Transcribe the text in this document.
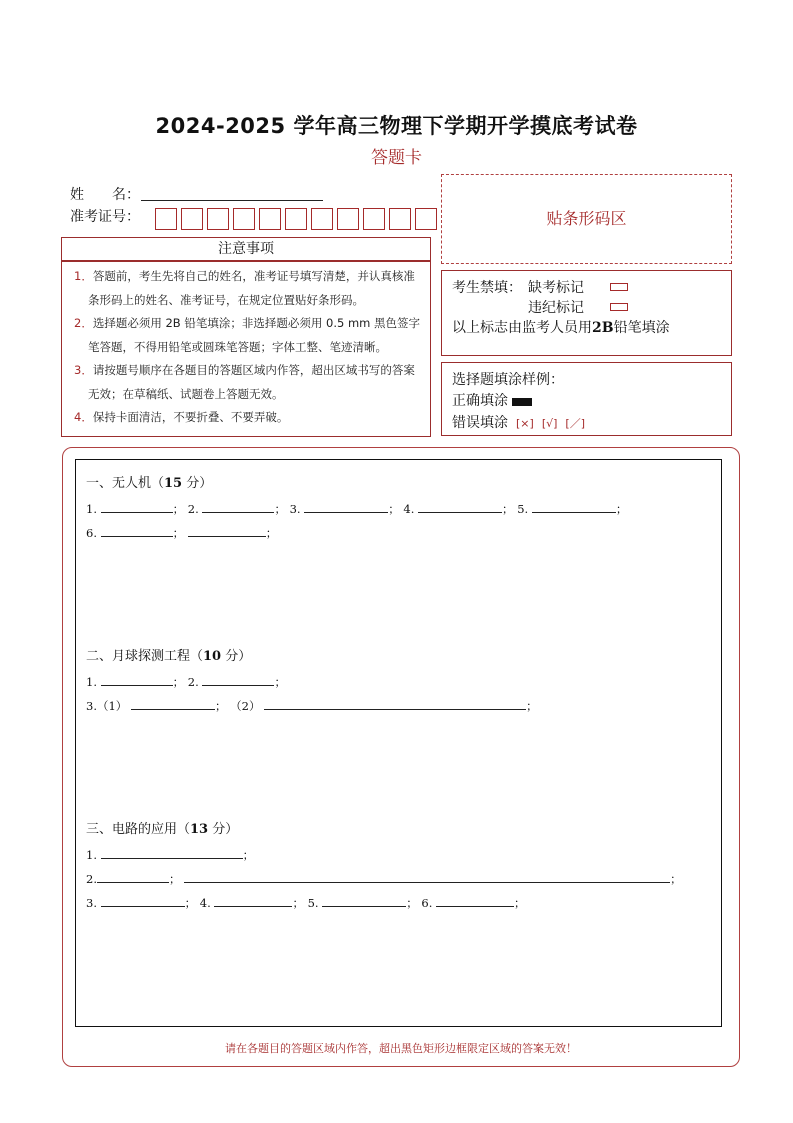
2024-2025 学年高三物理下学期开学摸底考试卷
答题卡
姓　　名：
准考证号：
注意事项
1．答题前，考生先将自己的姓名，准考证号填写清楚，并认真核准条形码上的姓名、准考证号，在规定位置贴好条形码。
2．选择题必须用 2B 铅笔填涂；非选择题必须用 0.5 mm 黑色签字笔答题，不得用铅笔或圆珠笔答题；字体工整、笔迹清晰。
3．请按题号顺序在各题目的答题区域内作答，超出区域书写的答案无效；在草稿纸、试题卷上答题无效。
4．保持卡面清洁，不要折叠、不要弄破。
贴条形码区
考生禁填： 缺考标记
违纪标记
以上标志由监考人员用2B铅笔填涂
选择题填涂样例：
正确填涂
错误填涂 [×] [√] [／]
一、无人机（15 分）
1.	； 2.	； 3.	； 4.	； 5.	；
6.	；	；
二、月球探测工程（10 分）
1.	； 2.	；
3.（1）	； （2）	；
三、电路的应用（13 分）
1.	；
2.	；	；
3.	； 4.	； 5.	； 6.	；
请在各题目的答题区域内作答，超出黑色矩形边框限定区域的答案无效！
